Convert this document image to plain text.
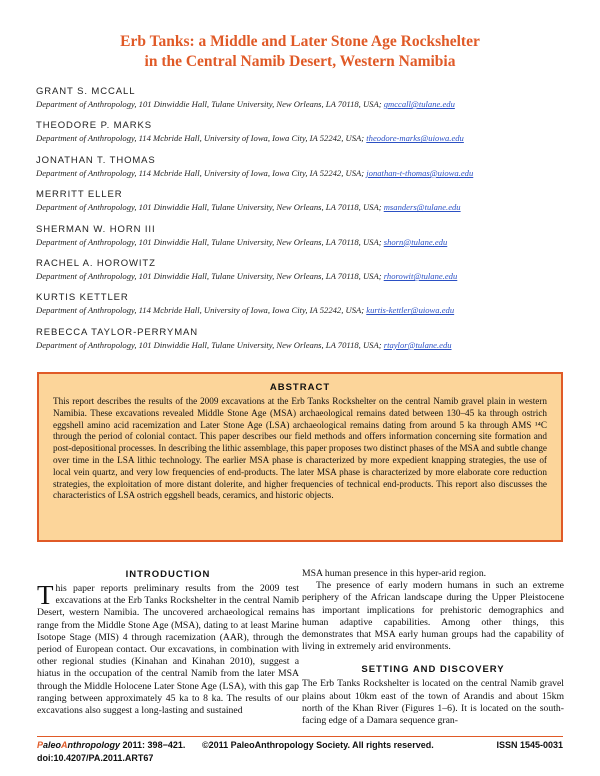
Erb Tanks: a Middle and Later Stone Age Rockshelter
in the Central Namib Desert, Western Namibia
GRANT S. MCCALL
Department of Anthropology, 101 Dinwiddie Hall, Tulane University, New Orleans, LA 70118, USA; gmccall@tulane.edu
THEODORE P. MARKS
Department of Anthropology, 114 Mcbride Hall, University of Iowa, Iowa City, IA 52242, USA; theodore-marks@uiowa.edu
JONATHAN T. THOMAS
Department of Anthropology, 114 Mcbride Hall, University of Iowa, Iowa City, IA 52242, USA; jonathan-t-thomas@uiowa.edu
MERRITT ELLER
Department of Anthropology, 101 Dinwiddie Hall, Tulane University, New Orleans, LA 70118, USA; msanders@tulane.edu
SHERMAN W. HORN III
Department of Anthropology, 101 Dinwiddie Hall, Tulane University, New Orleans, LA 70118, USA; shorn@tulane.edu
RACHEL A. HOROWITZ
Department of Anthropology, 101 Dinwiddie Hall, Tulane University, New Orleans, LA 70118, USA; rhorowit@tulane.edu
KURTIS KETTLER
Department of Anthropology, 114 Mcbride Hall, University of Iowa, Iowa City, IA 52242, USA; kurtis-kettler@uiowa.edu
REBECCA TAYLOR-PERRYMAN
Department of Anthropology, 101 Dinwiddie Hall, Tulane University, New Orleans, LA 70118, USA; rtaylor@tulane.edu
ABSTRACT
This report describes the results of the 2009 excavations at the Erb Tanks Rockshelter on the central Namib gravel plain in western Namibia. These excavations revealed Middle Stone Age (MSA) archaeological remains dated between 130–45 ka through ostrich eggshell amino acid racemization and Later Stone Age (LSA) archaeological remains dating from around 5 ka through AMS ¹⁴C through the period of colonial contact. This paper describes our field methods and offers information concerning site formation and post-depositional processes. In describing the lithic assemblage, this paper proposes two distinct phases of the MSA and subtle change over time in the LSA lithic technology. The earlier MSA phase is characterized by more expedient knapping strategies, the use of local vein quartz, and very low frequencies of end-products. The later MSA phase is characterized by more elaborate core reduction strategies, the exploitation of more distant dolerite, and higher frequencies of technical end-products. This report also discusses the characteristics of LSA ostrich eggshell beads, ceramics, and historic objects.
INTRODUCTION
This paper reports preliminary results from the 2009 test excavations at the Erb Tanks Rockshelter in the central Namib Desert, western Namibia. The uncovered archaeological remains range from the Middle Stone Age (MSA), dating to at least Marine Isotope Stage (MIS) 4 through racemization (AAR), through the period of European contact. Our excavations, in combination with other regional studies (Kinahan and Kinahan 2010), suggest a hiatus in the occupation of the central Namib from the later MSA through the Middle Holocene Later Stone Age (LSA), with this gap ranging between approximately 45 ka to 8 ka. The results of our excavations also suggest a long-lasting and sustained
MSA human presence in this hyper-arid region.
The presence of early modern humans in such an extreme periphery of the African landscape during the Upper Pleistocene has important implications for prehistoric demographics and human adaptive capabilities. Among other things, this demonstrates that MSA early human groups had the capability of living in extremely arid environments.
SETTING AND DISCOVERY
The Erb Tanks Rockshelter is located on the central Namib gravel plains about 10km east of the town of Arandis and about 15km north of the Khan River (Figures 1–6). It is located on the south-facing edge of a Damara sequence gran-
PaleoAnthropology 2011: 398−421. ©2011 PaleoAnthropology Society. All rights reserved.	ISSN 1545-0031
doi:10.4207/PA.2011.ART67
